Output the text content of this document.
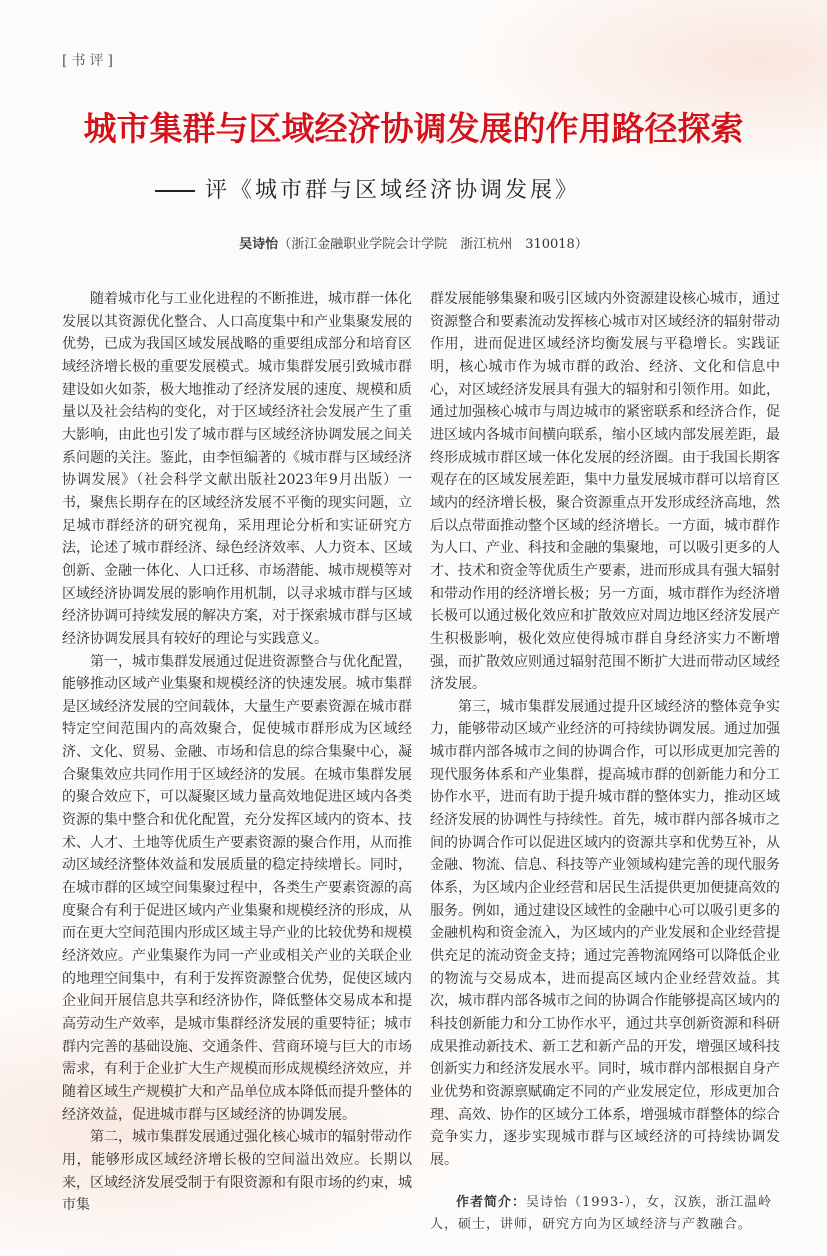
[书评]
城市集群与区域经济协调发展的作用路径探索
评《城市群与区域经济协调发展》
吴诗怡（浙江金融职业学院会计学院　浙江杭州　310018）

随着城市化与工业化进程的不断推进，城市群一体化发展以其资源优化整合、人口高度集中和产业集聚发展的优势，已成为我国区域发展战略的重要组成部分和培育区域经济增长极的重要发展模式。城市集群发展引致城市群建设如火如荼，极大地推动了经济发展的速度、规模和质量以及社会结构的变化，对于区域经济社会发展产生了重大影响，由此也引发了城市群与区域经济协调发展之间关系问题的关注。鉴此，由李恒编著的《城市群与区域经济协调发展》（社会科学文献出版社2023年9月出版）一书，聚焦长期存在的区域经济发展不平衡的现实问题，立足城市群经济的研究视角，采用理论分析和实证研究方法，论述了城市群经济、绿色经济效率、人力资本、区域创新、金融一体化、人口迁移、市场潜能、城市规模等对区域经济协调发展的影响作用机制，以寻求城市群与区域经济协调可持续发展的解决方案，对于探索城市群与区域经济协调发展具有较好的理论与实践意义。

第一，城市集群发展通过促进资源整合与优化配置，能够推动区域产业集聚和规模经济的快速发展。城市集群是区域经济发展的空间载体，大量生产要素资源在城市群特定空间范围内的高效聚合，促使城市群形成为区域经济、文化、贸易、金融、市场和信息的综合集聚中心，凝合聚集效应共同作用于区域经济的发展。在城市集群发展的聚合效应下，可以凝聚区域力量高效地促进区域内各类资源的集中整合和优化配置，充分发挥区域内的资本、技术、人才、土地等优质生产要素资源的聚合作用，从而推动区域经济整体效益和发展质量的稳定持续增长。同时，在城市群的区域空间集聚过程中，各类生产要素资源的高度聚合有利于促进区域内产业集聚和规模经济的形成，从而在更大空间范围内形成区域主导产业的比较优势和规模经济效应。产业集聚作为同一产业或相关产业的关联企业的地理空间集中，有利于发挥资源整合优势，促使区域内企业间开展信息共享和经济协作，降低整体交易成本和提高劳动生产效率，是城市集群经济发展的重要特征；城市群内完善的基础设施、交通条件、营商环境与巨大的市场需求，有利于企业扩大生产规模而形成规模经济效应，并随着区域生产规模扩大和产品单位成本降低而提升整体的经济效益，促进城市群与区域经济的协调发展。

第二，城市集群发展通过强化核心城市的辐射带动作用，能够形成区域经济增长极的空间溢出效应。长期以来，区域经济发展受制于有限资源和有限市场的约束，城市集

群发展能够集聚和吸引区域内外资源建设核心城市，通过资源整合和要素流动发挥核心城市对区域经济的辐射带动作用，进而促进区域经济均衡发展与平稳增长。实践证明，核心城市作为城市群的政治、经济、文化和信息中心，对区域经济发展具有强大的辐射和引领作用。如此，通过加强核心城市与周边城市的紧密联系和经济合作，促进区域内各城市间横向联系，缩小区域内部发展差距，最终形成城市群区域一体化发展的经济圈。由于我国长期客观存在的区域发展差距，集中力量发展城市群可以培育区域内的经济增长极，聚合资源重点开发形成经济高地，然后以点带面推动整个区域的经济增长。一方面，城市群作为人口、产业、科技和金融的集聚地，可以吸引更多的人才、技术和资金等优质生产要素，进而形成具有强大辐射和带动作用的经济增长极；另一方面，城市群作为经济增长极可以通过极化效应和扩散效应对周边地区经济发展产生积极影响，极化效应使得城市群自身经济实力不断增强，而扩散效应则通过辐射范围不断扩大进而带动区域经济发展。

第三，城市集群发展通过提升区域经济的整体竞争实力，能够带动区域产业经济的可持续协调发展。通过加强城市群内部各城市之间的协调合作，可以形成更加完善的现代服务体系和产业集群，提高城市群的创新能力和分工协作水平，进而有助于提升城市群的整体实力，推动区域经济发展的协调性与持续性。首先，城市群内部各城市之间的协调合作可以促进区域内的资源共享和优势互补，从金融、物流、信息、科技等产业领域构建完善的现代服务体系，为区域内企业经营和居民生活提供更加便捷高效的服务。例如，通过建设区域性的金融中心可以吸引更多的金融机构和资金流入，为区域内的产业发展和企业经营提供充足的流动资金支持；通过完善物流网络可以降低企业的物流与交易成本，进而提高区域内企业经营效益。其次，城市群内部各城市之间的协调合作能够提高区域内的科技创新能力和分工协作水平，通过共享创新资源和科研成果推动新技术、新工艺和新产品的开发，增强区域科技创新实力和经济发展水平。同时，城市群内部根据自身产业优势和资源禀赋确定不同的产业发展定位，形成更加合理、高效、协作的区域分工体系，增强城市群整体的综合竞争实力，逐步实现城市群与区域经济的可持续协调发展。

作者简介：吴诗怡（1993-），女，汉族，浙江温岭人，硕士，讲师，研究方向为区域经济与产教融合。
